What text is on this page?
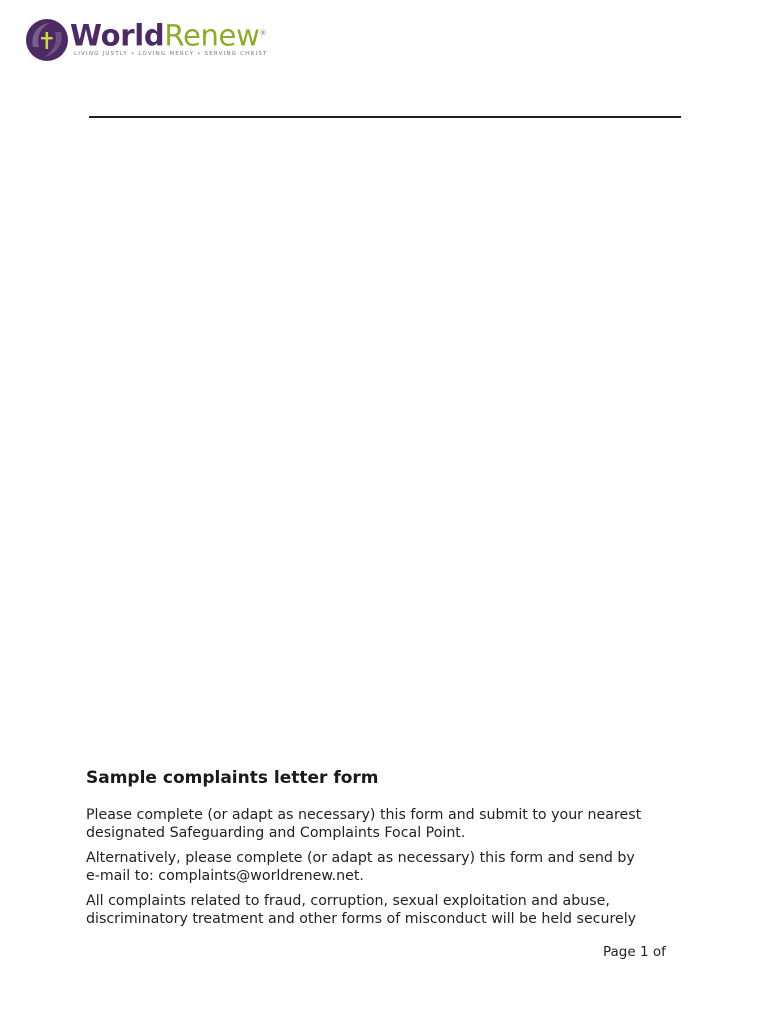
WorldRenew®
LIVING JUSTLY • LOVING MERCY • SERVING CHRIST
Sample complaints letter form

Please complete (or adapt as necessary) this form and submit to your nearest
designated Safeguarding and Complaints Focal Point.

Alternatively, please complete (or adapt as necessary) this form and send by
e-mail to: complaints@worldrenew.net.

All complaints related to fraud, corruption, sexual exploitation and abuse,
discriminatory treatment and other forms of misconduct will be held securely

Page 1 of
